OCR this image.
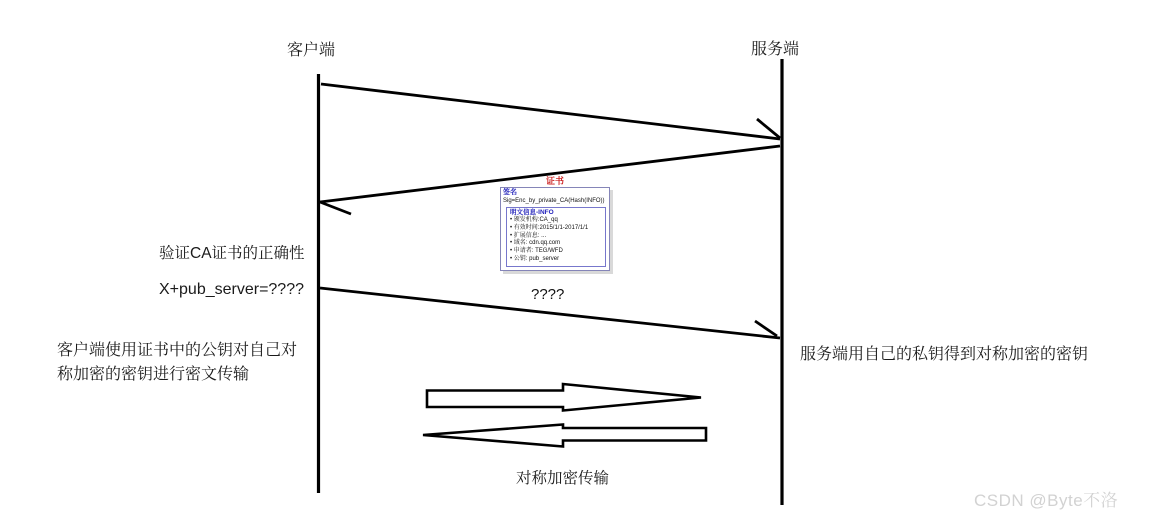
客户端	服务端
验证CA证书的正确性
X+pub_server=????	????
客户端使用证书中的公钥对自己对
称加密的密钥进行密文传输
服务端用自己的私钥得到对称加密的密钥
对称加密传输
证书
签名
Sig=Enc_by_private_CA(Hash(INFO))
明文信息-INFO
• 颁发机构:CA_qq
• 有效时间:2015/1/1-2017/1/1
• 扩展信息: ...
• 域名: cdn.qq.com
• 申请者: TEG/WFD
• 公钥: pub_server
CSDN @Byte不洛
